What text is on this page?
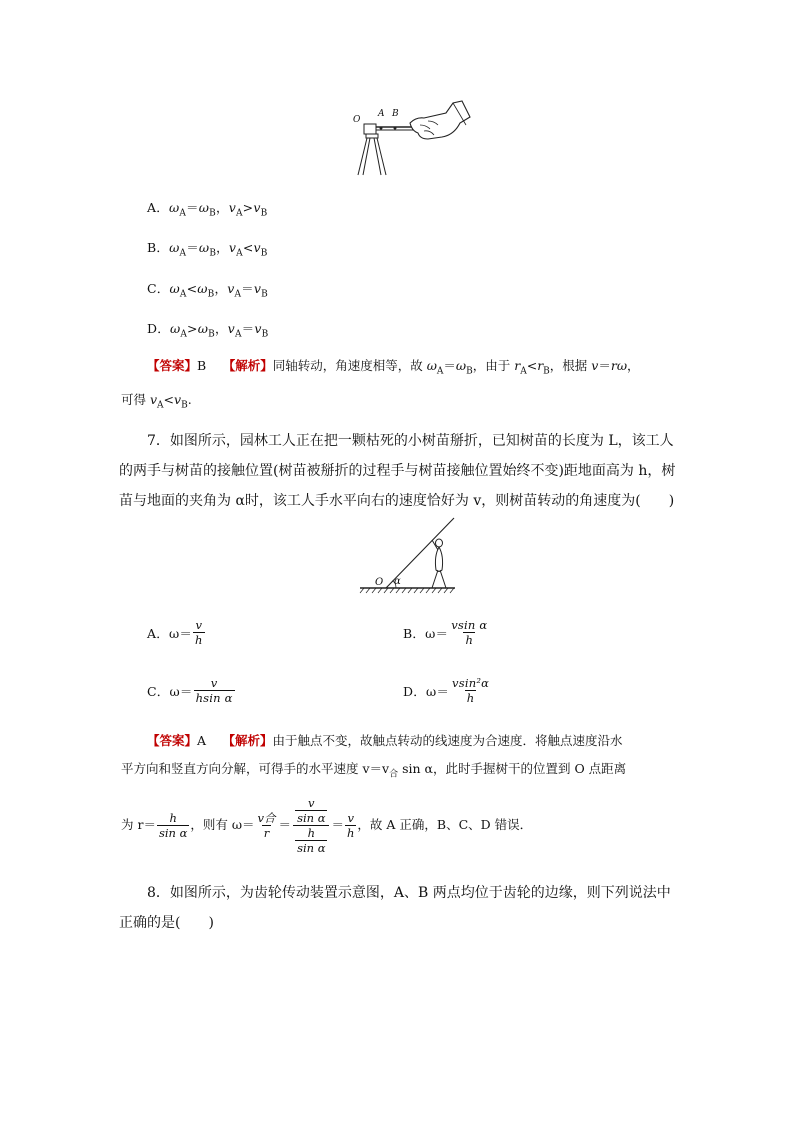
O
A B
A．$\omega_A=\omega_B$，$v_A>v_B$
B．$\omega_A=\omega_B$，$v_A<v_B$
C．$\omega_A<\omega_B$，$v_A=v_B$
D．$\omega_A>\omega_B$，$v_A=v_B$
【答案】B　 【解析】同轴转动，角速度相等，故 $\omega_A=\omega_B$，由于 $r_A<r_B$，根据 v＝rω，
可得 $v_A<v_B$.
7．如图所示，园林工人正在把一颗枯死的小树苗掰折，已知树苗的长度为 L，该工人
的两手与树苗的接触位置(树苗被掰折的过程手与树苗接触位置始终不变)距地面高为 h，树
苗与地面的夹角为 α时，该工人手水平向右的速度恰好为 v，则树苗转动的角速度为(　　)
O α
A． $\omega= \frac{v}{h}$	B． $\omega= \frac{\text{vsin α}}{h}$
C． $\omega= \frac{v}{\text{hsin α}}$	D． $\omega= \frac{\text{vsin²α}}{h}$
【答案】A　 【解析】由于触点不变，故触点转动的线速度为合速度．将触点速度沿水
平方向和竖直方向分解，可得手的水平速度 $v=v_合$ sin α，此时手握树干的位置到 O 点距离
为 $r= \frac{h}{\text{sin α}}$ ，则有 $\omega= \frac{\text{v合}}{r} = \frac{\frac{v}{\text{sin α}}}{\frac{h}{\text{sin α}}} = \frac{v}{h}$ ，故 A 正确，B、C、D 错误．
8．如图所示，为齿轮传动装置示意图，A、B 两点均位于齿轮的边缘，则下列说法中
正确的是(　　)
